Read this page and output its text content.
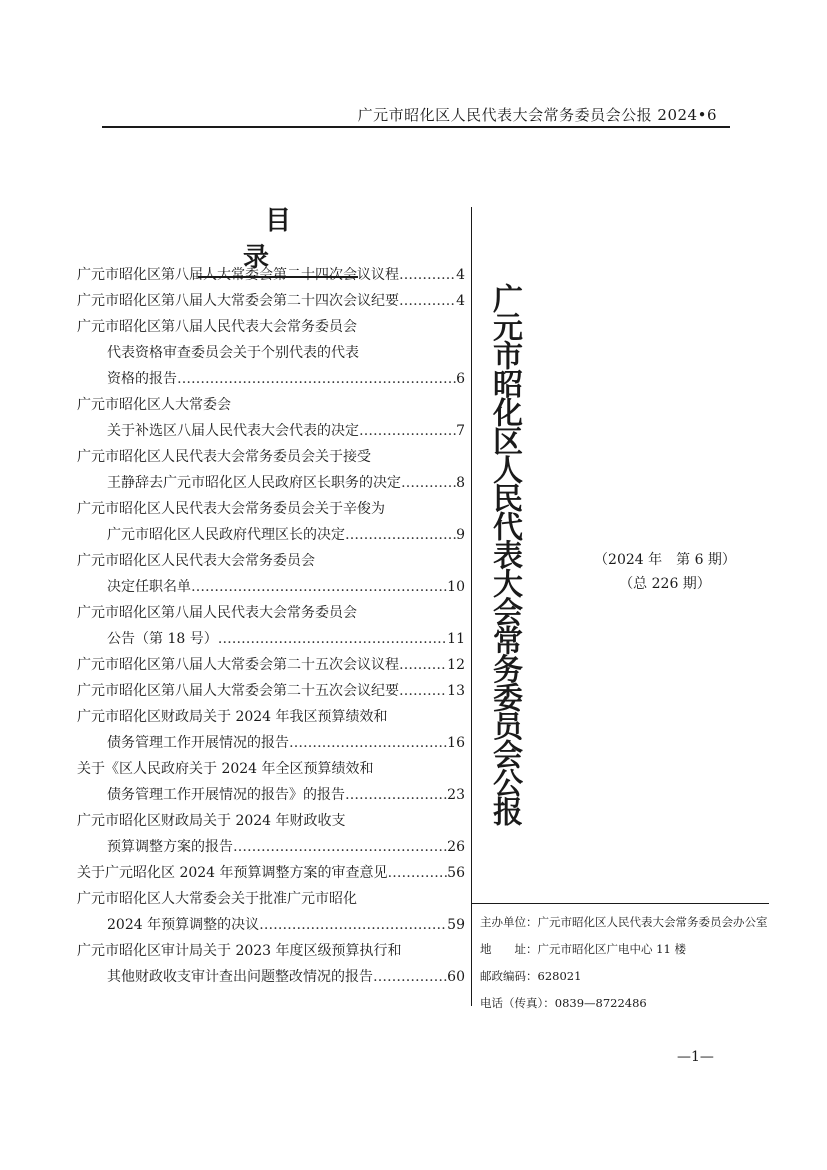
广元市昭化区人民代表大会常务委员会公报 2024•6
目录
广元市昭化区第八届人大常委会第二十四次会议议程 ……………………………………………………………………………………………………………………	4
广元市昭化区第八届人大常委会第二十四次会议纪要 ……………………………………………………………………………………………………………………	4
广元市昭化区第八届人民代表大会常务委员会
代表资格审查委员会关于个别代表的代表
资格的报告 ……………………………………………………………………………………………………………………	6
广元市昭化区人大常委会
关于补选区八届人民代表大会代表的决定 ……………………………………………………………………………………………………………………	7
广元市昭化区人民代表大会常务委员会关于接受
王静辞去广元市昭化区人民政府区长职务的决定 ……………………………………………………………………………………………………………………	8
广元市昭化区人民代表大会常务委员会关于辛俊为
广元市昭化区人民政府代理区长的决定 ……………………………………………………………………………………………………………………	9
广元市昭化区人民代表大会常务委员会
决定任职名单 ……………………………………………………………………………………………………………………	10
广元市昭化区第八届人民代表大会常务委员会
公告（第 18 号） ……………………………………………………………………………………………………………………	11
广元市昭化区第八届人大常委会第二十五次会议议程 ……………………………………………………………………………………………………………………	12
广元市昭化区第八届人大常委会第二十五次会议纪要 ……………………………………………………………………………………………………………………	13
广元市昭化区财政局关于 2024 年我区预算绩效和
债务管理工作开展情况的报告 ……………………………………………………………………………………………………………………	16
关于《区人民政府关于 2024 年全区预算绩效和
债务管理工作开展情况的报告》的报告 ……………………………………………………………………………………………………………………	23
广元市昭化区财政局关于 2024 年财政收支
预算调整方案的报告 ……………………………………………………………………………………………………………………	26
关于广元昭化区 2024 年预算调整方案的审查意见 ……………………………………………………………………………………………………………………	56
广元市昭化区人大常委会关于批准广元市昭化
2024 年预算调整的决议 ……………………………………………………………………………………………………………………	59
广元市昭化区审计局关于 2023 年度区级预算执行和
其他财政收支审计查出问题整改情况的报告 ……………………………………………………………………………………………………………………	60
广元市昭化区人民代表大会常务委员会公报	（2024 年　第 6 期）
（总 226 期）
主办单位：广元市昭化区人民代表大会常务委员会办公室
地　　址：广元市昭化区广电中心 11 楼
邮政编码：628021
电话（传真）：0839—8722486
—1—
